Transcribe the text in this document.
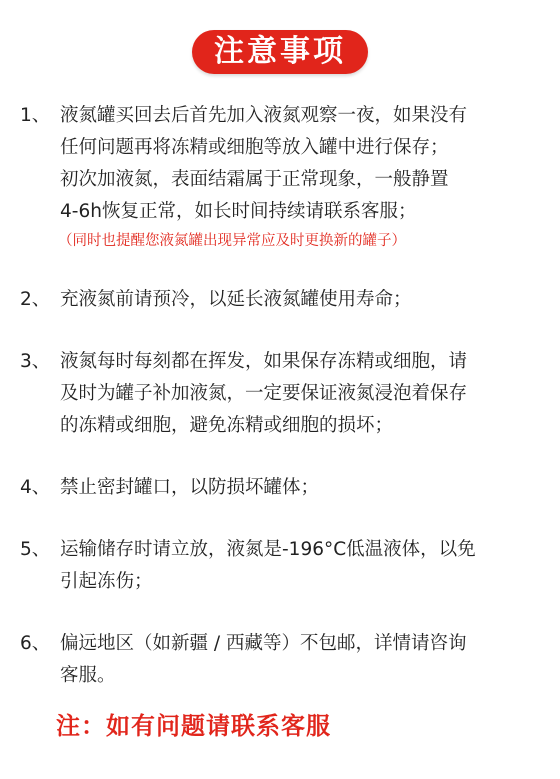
注意事项
1、 液氮罐买回去后首先加入液氮观察一夜，如果没有
任何问题再将冻精或细胞等放入罐中进行保存；
初次加液氮，表面结霜属于正常现象，一般静置
4-6h恢复正常，如长时间持续请联系客服；
（同时也提醒您液氮罐出现异常应及时更换新的罐子）
2、 充液氮前请预冷，以延长液氮罐使用寿命；
3、 液氮每时每刻都在挥发，如果保存冻精或细胞，请
及时为罐子补加液氮，一定要保证液氮浸泡着保存
的冻精或细胞，避免冻精或细胞的损坏；
4、 禁止密封罐口，以防损坏罐体；
5、 运输储存时请立放，液氮是-196°C低温液体，以免
引起冻伤；
6、 偏远地区（如新疆 / 西藏等）不包邮，详情请咨询
客服。
注：如有问题请联系客服
